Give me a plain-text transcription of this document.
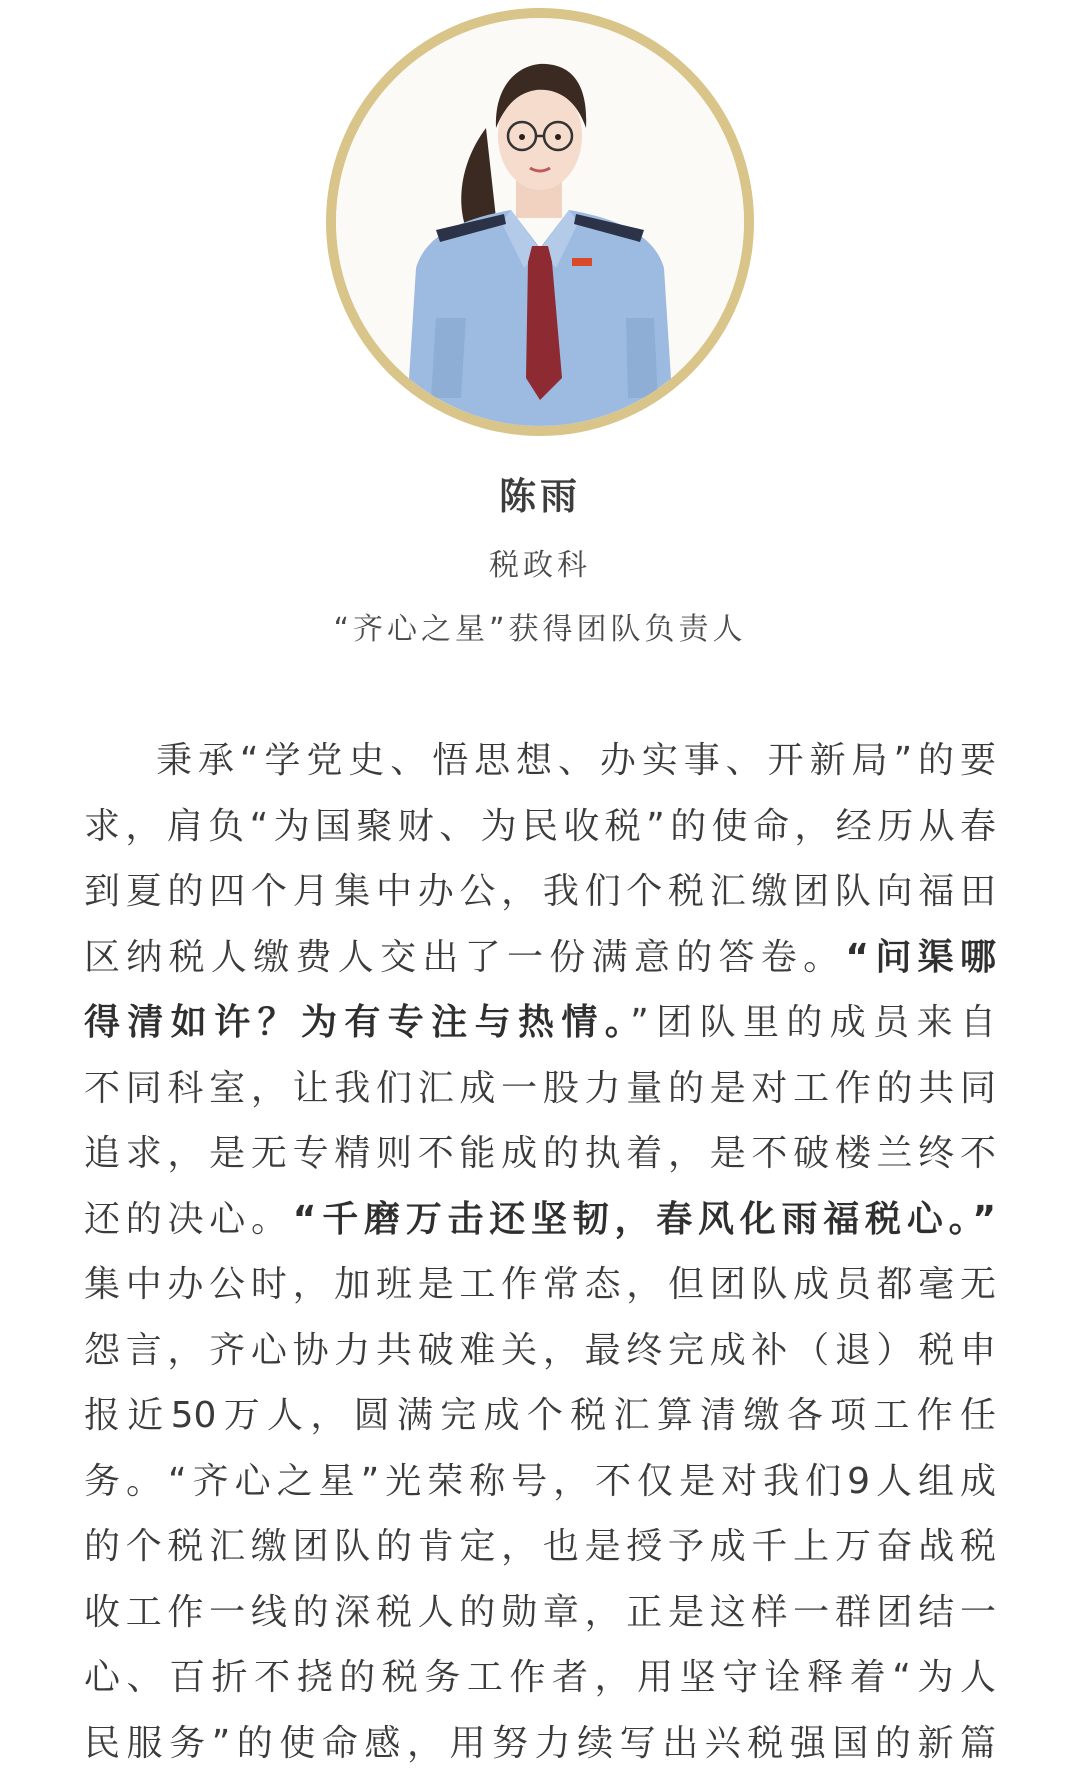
陈雨
税政科
“齐心之星”获得团队负责人
秉承“学党史、悟思想、办实事、开新局”的要
求，肩负“为国聚财、为民收税”的使命，经历从春
到夏的四个月集中办公，我们个税汇缴团队向福田
区纳税人缴费人交出了一份满意的答卷。“问渠哪
得清如许？为有专注与热情。”团队里的成员来自
不同科室，让我们汇成一股力量的是对工作的共同
追求，是无专精则不能成的执着，是不破楼兰终不
还的决心。“千磨万击还坚韧，春风化雨福税心。”
集中办公时，加班是工作常态，但团队成员都毫无
怨言，齐心协力共破难关，最终完成补（退）税申
报近50万人，圆满完成个税汇算清缴各项工作任
务。“齐心之星”光荣称号，不仅是对我们9人组成
的个税汇缴团队的肯定，也是授予成千上万奋战税
收工作一线的深税人的勋章，正是这样一群团结一
心、百折不挠的税务工作者，用坚守诠释着“为人
民服务”的使命感，用努力续写出兴税强国的新篇
